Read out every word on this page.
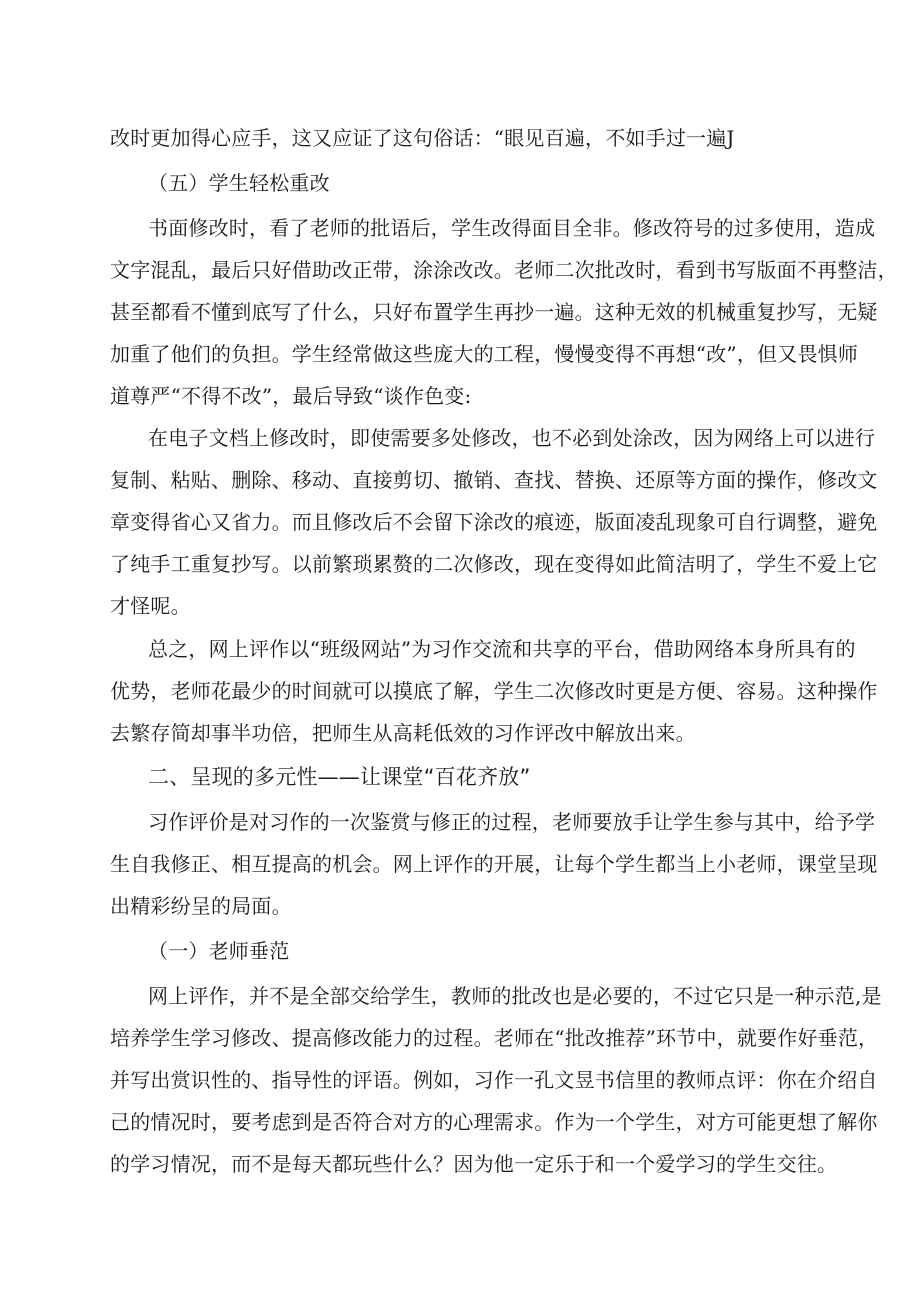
改时更加得心应手，这又应证了这句俗话：“眼见百遍，不如手过一遍J
（五）学生轻松重改
书面修改时，看了老师的批语后，学生改得面目全非。修改符号的过多使用，造成
文字混乱，最后只好借助改正带，涂涂改改。老师二次批改时，看到书写版面不再整洁，
甚至都看不懂到底写了什么，只好布置学生再抄一遍。这种无效的机械重复抄写，无疑
加重了他们的负担。学生经常做这些庞大的工程，慢慢变得不再想“改”，但又畏惧师
道尊严“不得不改”，最后导致“谈作色变:
在电子文档上修改时，即使需要多处修改，也不必到处涂改，因为网络上可以进行
复制、粘贴、删除、移动、直接剪切、撤销、查找、替换、还原等方面的操作，修改文
章变得省心又省力。而且修改后不会留下涂改的痕迹，版面凌乱现象可自行调整，避免
了纯手工重复抄写。以前繁琐累赘的二次修改，现在变得如此简洁明了，学生不爱上它
才怪呢。
总之，网上评作以“班级网站”为习作交流和共享的平台，借助网络本身所具有的
优势，老师花最少的时间就可以摸底了解，学生二次修改时更是方便、容易。这种操作
去繁存简却事半功倍，把师生从高耗低效的习作评改中解放出来。
二、呈现的多元性——让课堂“百花齐放”
习作评价是对习作的一次鉴赏与修正的过程，老师要放手让学生参与其中，给予学
生自我修正、相互提高的机会。网上评作的开展，让每个学生都当上小老师，课堂呈现
出精彩纷呈的局面。
（一）老师垂范
网上评作，并不是全部交给学生，教师的批改也是必要的，不过它只是一种示范,是
培养学生学习修改、提高修改能力的过程。老师在“批改推荐”环节中，就要作好垂范，
并写出赏识性的、指导性的评语。例如，习作一孔文昱书信里的教师点评：你在介绍自
己的情况时，要考虑到是否符合对方的心理需求。作为一个学生，对方可能更想了解你
的学习情况，而不是每天都玩些什么？因为他一定乐于和一个爱学习的学生交往。
